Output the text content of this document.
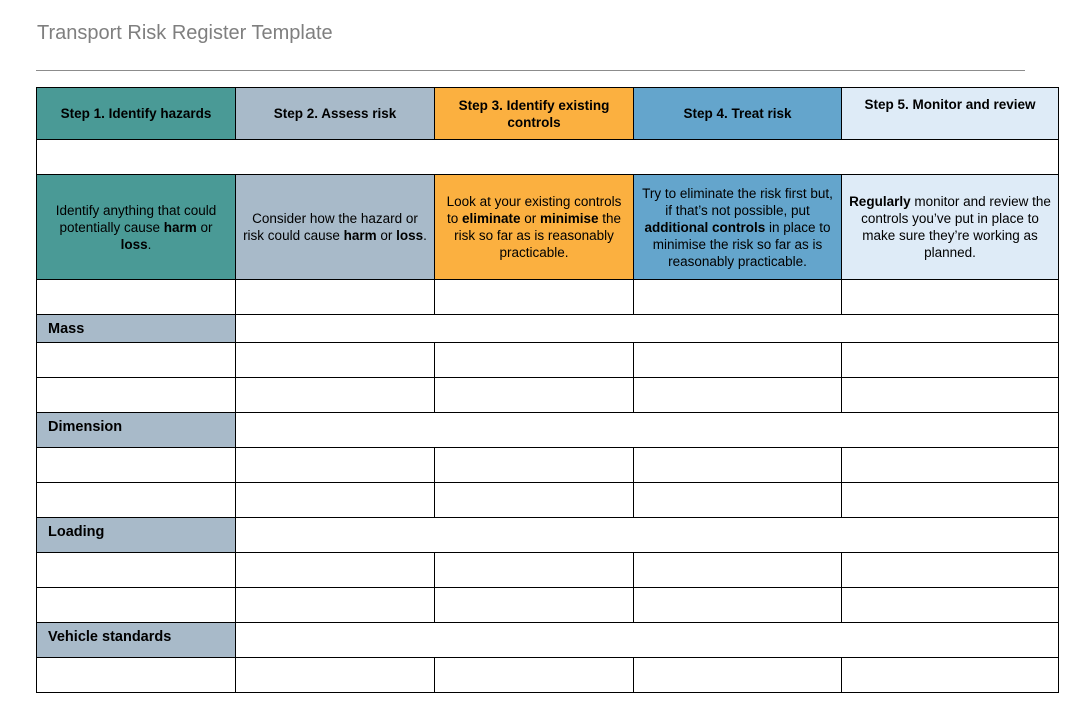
Transport Risk Register Template
Step 1. Identify hazards	Step 2. Assess risk	Step 3. Identify existing controls	Step 4. Treat risk	Step 5. Monitor and review

Identify anything that could potentially cause harm or loss.	Consider how the hazard or risk could cause harm or loss.	Look at your existing controls to eliminate or minimise the risk so far as is reasonably practicable.	Try to eliminate the risk first but, if that’s not possible, put additional controls in place to minimise the risk so far as is reasonably practicable.	Regularly monitor and review the controls you’ve put in place to make sure they’re working as planned.

Mass				

Dimension				

Loading				

Vehicle standards				
